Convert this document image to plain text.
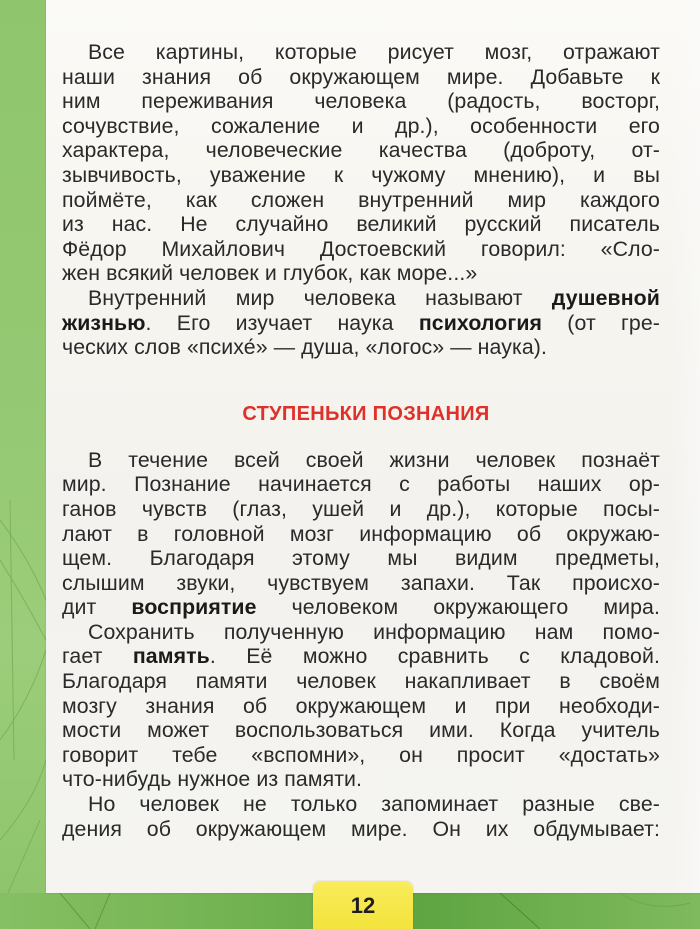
Все картины, которые рисует мозг, отражают
наши знания об окружающем мире. Добавьте к
ним переживания человека (радость, восторг,
сочувствие, сожаление и др.), особенности его
характера, человеческие качества (доброту, от-
зывчивость, уважение к чужому мнению), и вы
поймёте, как сложен внутренний мир каждого
из нас. Не случайно великий русский писатель
Фёдор Михайлович Достоевский говорил: «Сло-
жен всякий человек и глубок, как море...»
Внутренний мир человека называют душевной
жизнью. Его изучает наука психология (от гре-
ческих слов «психе́» — душа, «логос» — наука).
СТУПЕНЬКИ ПОЗНАНИЯ
В течение всей своей жизни человек познаёт
мир. Познание начинается с работы наших ор-
ганов чувств (глаз, ушей и др.), которые посы-
лают в головной мозг информацию об окружаю-
щем. Благодаря этому мы видим предметы,
слышим звуки, чувствуем запахи. Так происхо-
дит восприятие человеком окружающего мира.
Сохранить полученную информацию нам помо-
гает память. Её можно сравнить с кладовой.
Благодаря памяти человек накапливает в своём
мозгу знания об окружающем и при необходи-
мости может воспользоваться ими. Когда учитель
говорит тебе «вспомни», он просит «достать»
что-нибудь нужное из памяти.
Но человек не только запоминает разные све-
дения об окружающем мире. Он их обдумывает:
12
